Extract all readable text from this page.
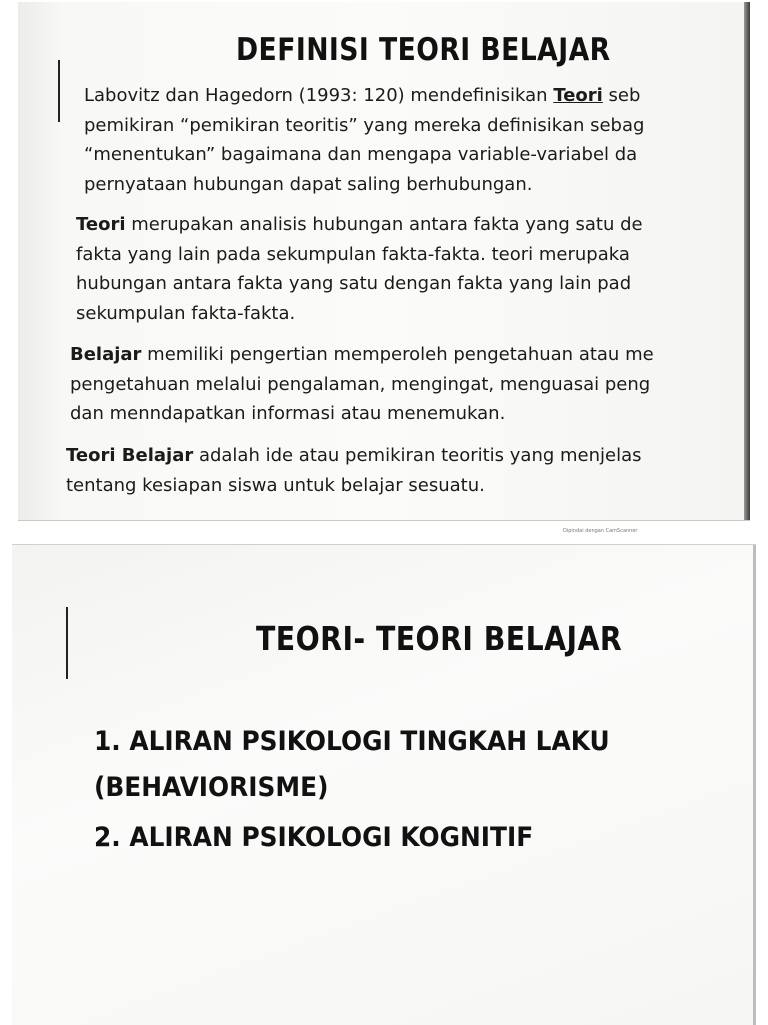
DEFINISI TEORI BELAJAR
Labovitz dan Hagedorn (1993: 120) mendefinisikan Teori seb
pemikiran “pemikiran teoritis” yang mereka definisikan sebag
“menentukan” bagaimana dan mengapa variable-variabel da
pernyataan hubungan dapat saling berhubungan.
Teori merupakan analisis hubungan antara fakta yang satu de
fakta yang lain pada sekumpulan fakta-fakta. teori merupaka
hubungan antara fakta yang satu dengan fakta yang lain pad
sekumpulan fakta-fakta.
Belajar memiliki pengertian memperoleh pengetahuan atau me
pengetahuan melalui pengalaman, mengingat, menguasai peng
dan menndapatkan informasi atau menemukan.
Teori Belajar adalah ide atau pemikiran teoritis yang menjelas
tentang kesiapan siswa untuk belajar sesuatu.
Dipindai dengan CamScanner
TEORI- TEORI BELAJAR
1. ALIRAN PSIKOLOGI TINGKAH LAKU
(BEHAVIORISME)
2. ALIRAN PSIKOLOGI KOGNITIF
